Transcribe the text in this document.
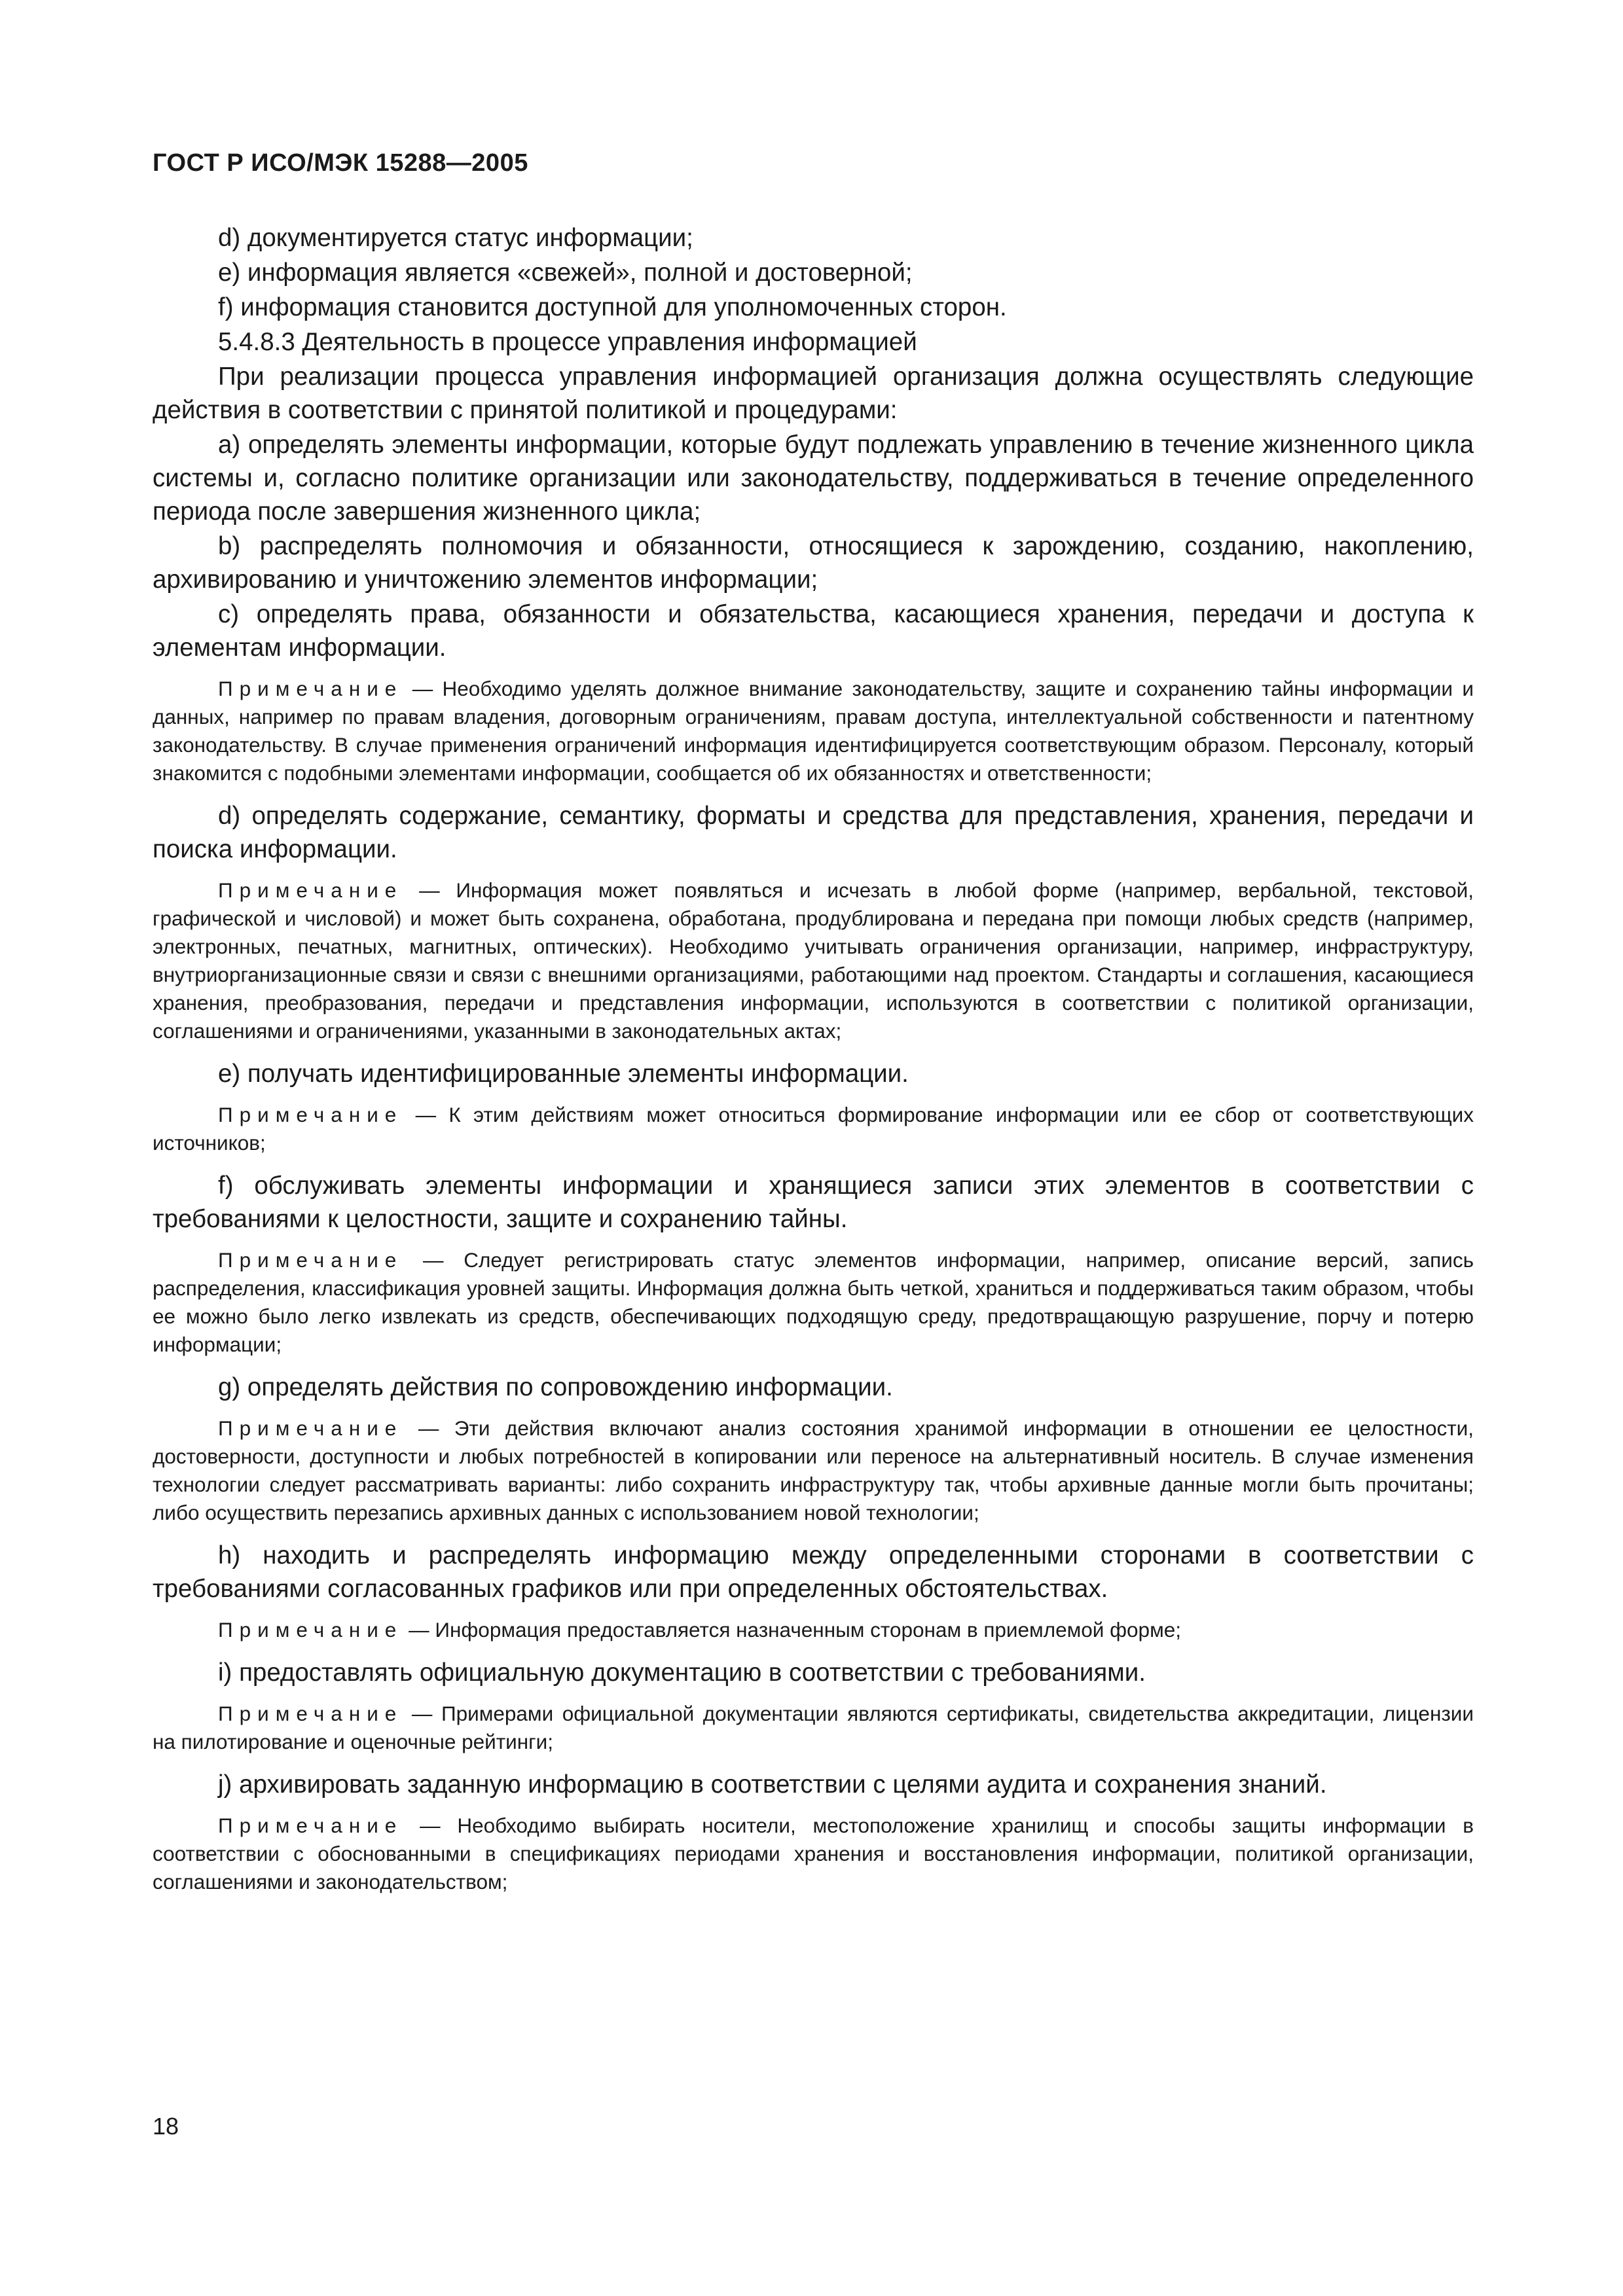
ГОСТ Р ИСО/МЭК 15288—2005

d) документируется статус информации;

e) информация является «свежей», полной и достоверной;

f) информация становится доступной для уполномоченных сторон.

5.4.8.3 Деятельность в процессе управления информацией

При реализации процесса управления информацией организация должна осуществлять следующие действия в соответствии с принятой политикой и процедурами:

a) определять элементы информации, которые будут подлежать управлению в течение жизненного цикла системы и, согласно политике организации или законодательству, поддерживаться в течение определенного периода после завершения жизненного цикла;

b) распределять полномочия и обязанности, относящиеся к зарождению, созданию, накоплению, архивированию и уничтожению элементов информации;

c) определять права, обязанности и обязательства, касающиеся хранения, передачи и доступа к элементам информации.

Примечание — Необходимо уделять должное внимание законодательству, защите и сохранению тайны информации и данных, например по правам владения, договорным ограничениям, правам доступа, интеллектуальной собственности и патентному законодательству. В случае применения ограничений информация идентифицируется соответствующим образом. Персоналу, который знакомится с подобными элементами информации, сообщается об их обязанностях и ответственности;

d) определять содержание, семантику, форматы и средства для представления, хранения, передачи и поиска информации.

Примечание — Информация может появляться и исчезать в любой форме (например, вербальной, текстовой, графической и числовой) и может быть сохранена, обработана, продублирована и передана при помощи любых средств (например, электронных, печатных, магнитных, оптических). Необходимо учитывать ограничения организации, например, инфраструктуру, внутриорганизационные связи и связи с внешними организациями, работающими над проектом. Стандарты и соглашения, касающиеся хранения, преобразования, передачи и представления информации, используются в соответствии с политикой организации, соглашениями и ограничениями, указанными в законодательных актах;

e) получать идентифицированные элементы информации.

Примечание — К этим действиям может относиться формирование информации или ее сбор от соответствующих источников;

f) обслуживать элементы информации и хранящиеся записи этих элементов в соответствии с требованиями к целостности, защите и сохранению тайны.

Примечание — Следует регистрировать статус элементов информации, например, описание версий, запись распределения, классификация уровней защиты. Информация должна быть четкой, храниться и поддерживаться таким образом, чтобы ее можно было легко извлекать из средств, обеспечивающих подходящую среду, предотвращающую разрушение, порчу и потерю информации;

g) определять действия по сопровождению информации.

Примечание — Эти действия включают анализ состояния хранимой информации в отношении ее целостности, достоверности, доступности и любых потребностей в копировании или переносе на альтернативный носитель. В случае изменения технологии следует рассматривать варианты: либо сохранить инфраструктуру так, чтобы архивные данные могли быть прочитаны; либо осуществить перезапись архивных данных с использованием новой технологии;

h) находить и распределять информацию между определенными сторонами в соответствии с требованиями согласованных графиков или при определенных обстоятельствах.

Примечание — Информация предоставляется назначенным сторонам в приемлемой форме;

i) предоставлять официальную документацию в соответствии с требованиями.

Примечание — Примерами официальной документации являются сертификаты, свидетельства аккредитации, лицензии на пилотирование и оценочные рейтинги;

j) архивировать заданную информацию в соответствии с целями аудита и сохранения знаний.

Примечание — Необходимо выбирать носители, местоположение хранилищ и способы защиты информации в соответствии с обоснованными в спецификациях периодами хранения и восстановления информации, политикой организации, соглашениями и законодательством;

18
